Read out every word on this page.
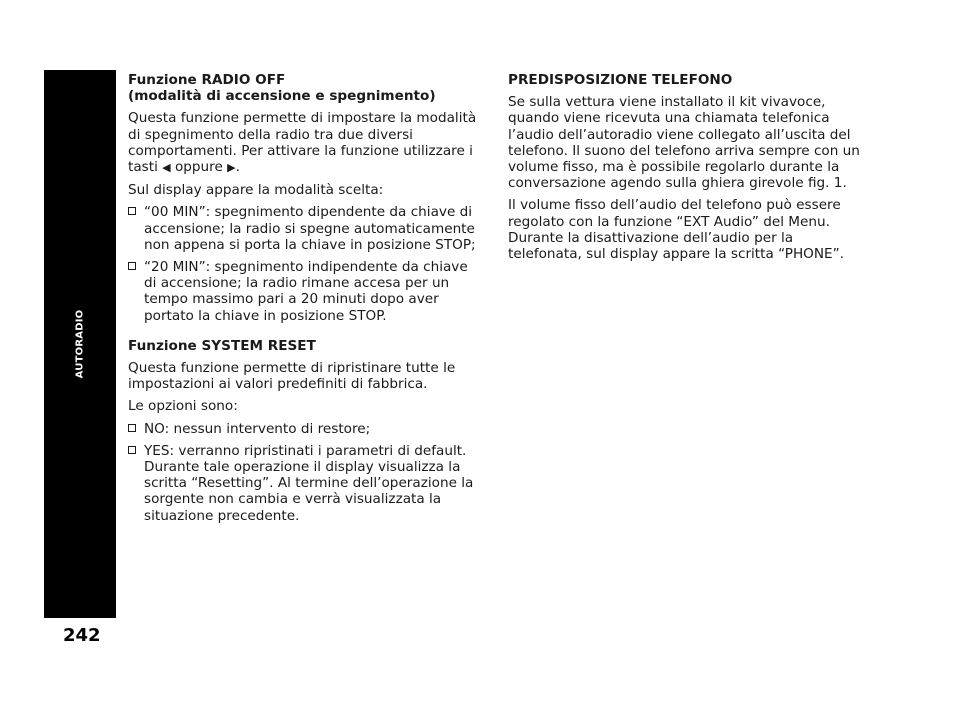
AUTORADIO
242
Funzione RADIO OFF
(modalità di accensione e spegnimento)

Questa funzione permette di impostare la modalità di spegnimento della radio tra due diversi comportamenti. Per attivare la funzione utilizzare i tasti ◀ oppure ▶.

Sul display appare la modalità scelta:

“00 MIN”: spegnimento dipendente da chiave di accensione; la radio si spegne automaticamente non appena si porta la chiave in posizione STOP;
“20 MIN”: spegnimento indipendente da chiave di accensione; la radio rimane accesa per un tempo massimo pari a 20 minuti dopo aver portato la chiave in posizione STOP.
Funzione SYSTEM RESET

Questa funzione permette di ripristinare tutte le impostazioni ai valori predefiniti di fabbrica.

Le opzioni sono:

NO: nessun intervento di restore;
YES: verranno ripristinati i parametri di default. Durante tale operazione il display visualizza la scritta “Resetting”. Al termine dell’operazione la sorgente non cambia e verrà visualizzata la situazione precedente.
PREDISPOSIZIONE TELEFONO

Se sulla vettura viene installato il kit vivavoce, quando viene ricevuta una chiamata telefonica l’audio dell’autoradio viene collegato all’uscita del telefono. Il suono del telefono arriva sempre con un volume fisso, ma è possibile regolarlo durante la conversazione agendo sulla ghiera girevole fig. 1.

Il volume fisso dell’audio del telefono può essere regolato con la funzione “EXT Audio” del Menu. Durante la disattivazione dell’audio per la telefonata, sul display appare la scritta “PHONE”.
